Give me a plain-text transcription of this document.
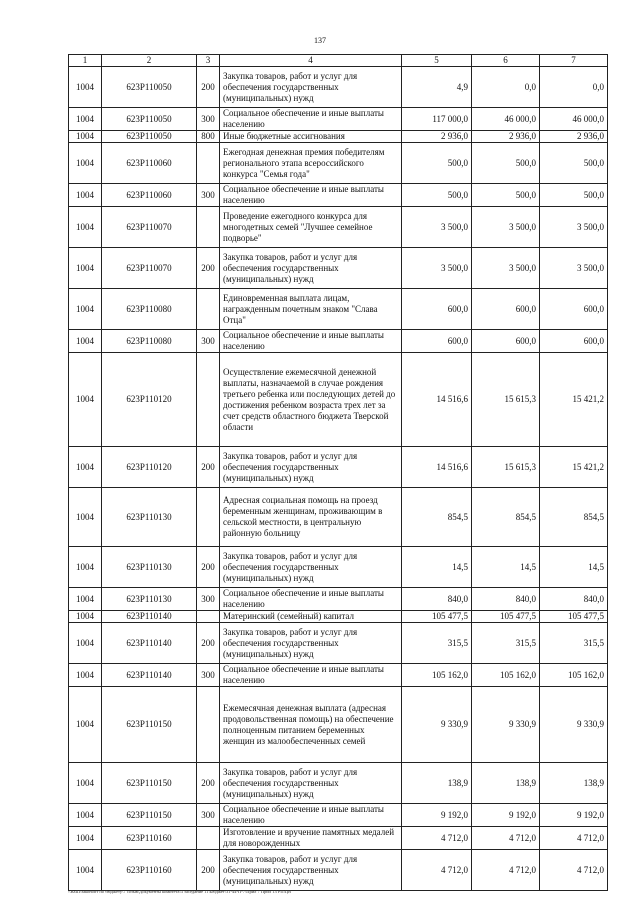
137
1	2	3	4	5	6	7
1004	623Р110050	200	Закупка товаров, работ и услуг для обеспечения государственных (муниципальных) нужд	4,9	0,0	0,0
1004	623Р110050	300	Социальное обеспечение и иные выплаты населению	117 000,0	46 000,0	46 000,0
1004	623Р110050	800	Иные бюджетные ассигнования	2 936,0	2 936,0	2 936,0
1004	623Р110060		Ежегодная денежная премия победителям регионального этапа всероссийского конкурса "Семья года"	500,0	500,0	500,0
1004	623Р110060	300	Социальное обеспечение и иные выплаты населению	500,0	500,0	500,0
1004	623Р110070		Проведение ежегодного конкурса для многодетных семей "Лучшее семейное подворье"	3 500,0	3 500,0	3 500,0
1004	623Р110070	200	Закупка товаров, работ и услуг для обеспечения государственных (муниципальных) нужд	3 500,0	3 500,0	3 500,0
1004	623Р110080		Единовременная выплата лицам, награжденным почетным знаком "Слава Отца"	600,0	600,0	600,0
1004	623Р110080	300	Социальное обеспечение и иные выплаты населению	600,0	600,0	600,0
1004	623Р110120		Осуществление ежемесячной денежной выплаты, назначаемой в случае рождения третьего ребенка или последующих детей до достижения ребенком возраста трех лет за счет средств областного бюджета Тверской области	14 516,6	15 615,3	15 421,2
1004	623Р110120	200	Закупка товаров, работ и услуг для обеспечения государственных (муниципальных) нужд	14 516,6	15 615,3	15 421,2
1004	623Р110130		Адресная социальная помощь на проезд беременным женщинам, проживающим в сельской местности, в центральную районную больницу	854,5	854,5	854,5
1004	623Р110130	200	Закупка товаров, работ и услуг для обеспечения государственных (муниципальных) нужд	14,5	14,5	14,5
1004	623Р110130	300	Социальное обеспечение и иные выплаты населению	840,0	840,0	840,0
1004	623Р110140		Материнский (семейный) капитал	105 477,5	105 477,5	105 477,5
1004	623Р110140	200	Закупка товаров, работ и услуг для обеспечения государственных (муниципальных) нужд	315,5	315,5	315,5
1004	623Р110140	300	Социальное обеспечение и иные выплаты населению	105 162,0	105 162,0	105 162,0
1004	623Р110150		Ежемесячная денежная выплата (адресная продовольственная помощь) на обеспечение полноценным питанием беременных женщин из малообеспеченных семей	9 330,9	9 330,9	9 330,9
1004	623Р110150	200	Закупка товаров, работ и услуг для обеспечения государственных (муниципальных) нужд	138,9	138,9	138,9
1004	623Р110150	300	Социальное обеспечение и иные выплаты населению	9 192,0	9 192,0	9 192,0
1004	623Р110160		Изготовление и вручение памятных медалей для новорожденных	4 712,0	4 712,0	4 712,0
1004	623Р110160	200	Закупка товаров, работ и услуг для обеспечения государственных (муниципальных) нужд	4 712,0	4 712,0	4 712,0
\\ВаШ\законопт по бюджету\7 созыв\Документы комитета\3 заседание 11\Бюджет\31-44-П-7\Прил 7 Прил 13 РП\ЦВ
